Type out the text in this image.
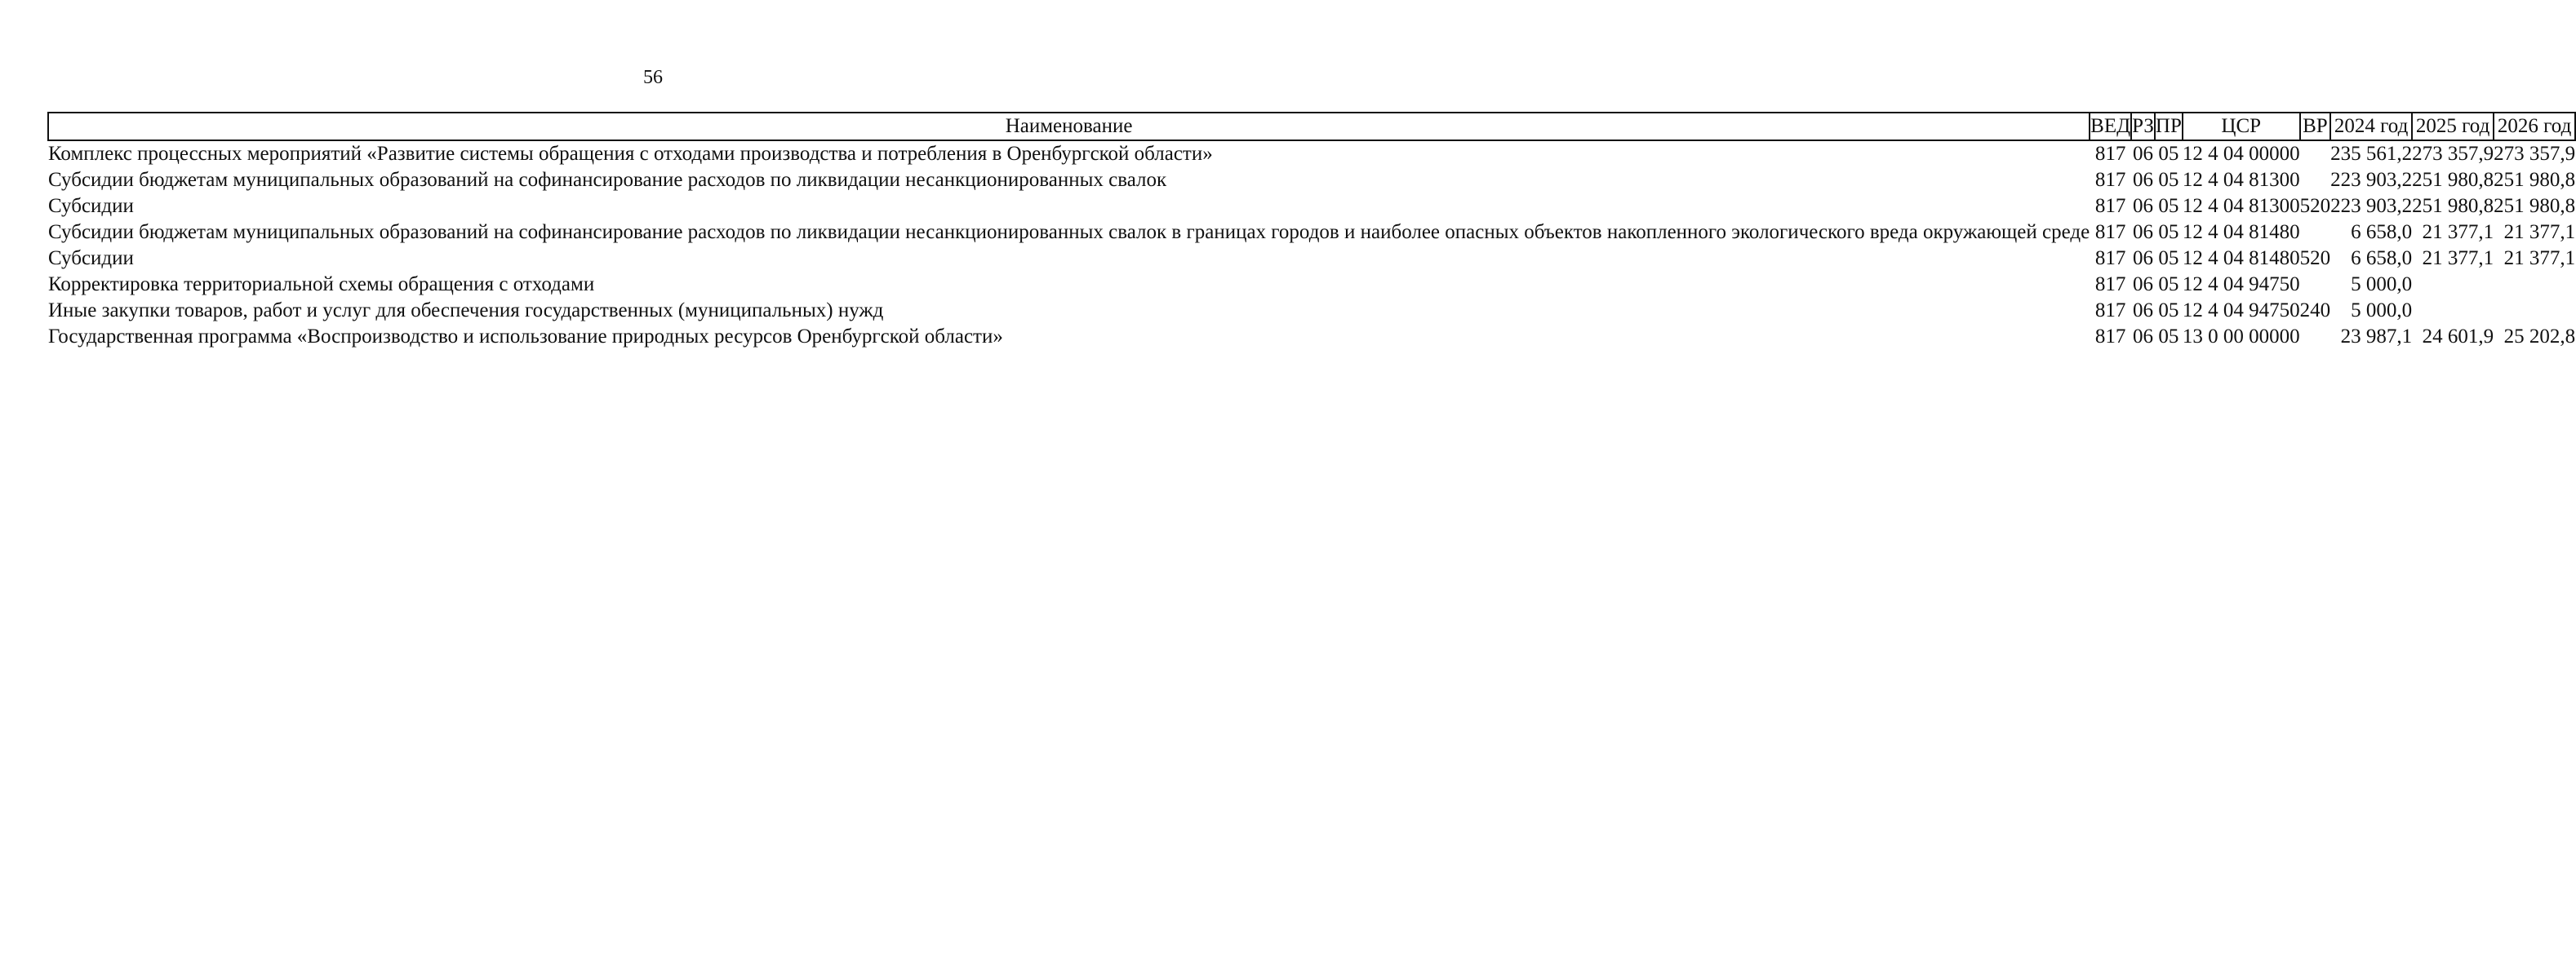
56
Наименование	ВЕД	РЗ	ПР	ЦСР	ВР	2024 год	2025 год	2026 год
Комплекс процессных мероприятий «Развитие системы обращения с отходами производства и потребления в Оренбургской области»	817	06	05	12 4 04 00000		235 561,2	273 357,9	273 357,9
Субсидии бюджетам муниципальных образований на софинансирование расходов по ликвидации несанкционированных свалок	817	06	05	12 4 04 81300		223 903,2	251 980,8	251 980,8
Субсидии	817	06	05	12 4 04 81300	520	223 903,2	251 980,8	251 980,8
Субсидии бюджетам муниципальных образований на софинансирование расходов по ликвидации несанкционированных свалок в границах городов и наиболее опасных объектов накопленного экологического вреда окружающей среде	817	06	05	12 4 04 81480		6 658,0	21 377,1	21 377,1
Субсидии	817	06	05	12 4 04 81480	520	6 658,0	21 377,1	21 377,1
Корректировка территориальной схемы обращения с отходами	817	06	05	12 4 04 94750		5 000,0		
Иные закупки товаров, работ и услуг для обеспечения государственных (муниципальных) нужд	817	06	05	12 4 04 94750	240	5 000,0		
Государственная программа «Воспроизводство и использование природных ресурсов Оренбургской области»	817	06	05	13 0 00 00000		23 987,1	24 601,9	25 202,8
